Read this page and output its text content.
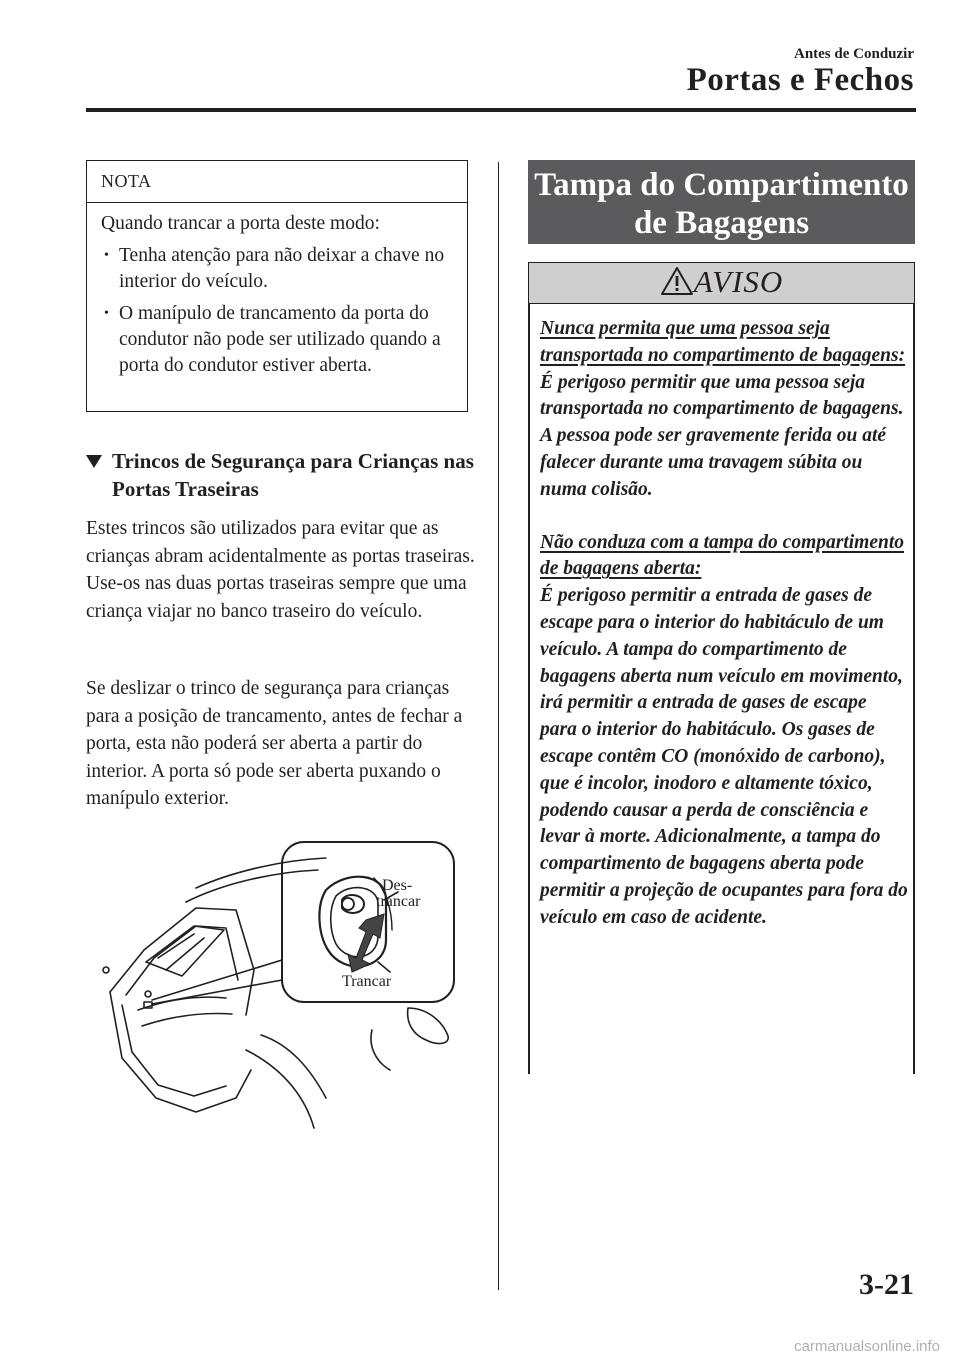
Antes de Conduzir
Portas e Fechos
NOTA
Quando trancar a porta deste modo:
• Tenha atenção para não deixar a chave no interior do veículo.
• O manípulo de trancamento da porta do condutor não pode ser utilizado quando a porta do condutor estiver aberta.
Trincos de Segurança para Crianças nas Portas Traseiras
Estes trincos são utilizados para evitar que as crianças abram acidentalmente as portas traseiras. Use-os nas duas portas traseiras sempre que uma criança viajar no banco traseiro do veículo.
Se deslizar o trinco de segurança para crianças para a posição de trancamento, antes de fechar a porta, esta não poderá ser aberta a partir do interior. A porta só pode ser aberta puxando o manípulo exterior.
Des-
trancar
Trancar
Tampa do Compartimento
de Bagagens
AVISO
Nunca permita que uma pessoa seja transportada no compartimento de bagagens:
É perigoso permitir que uma pessoa seja transportada no compartimento de bagagens. A pessoa pode ser gravemente ferida ou até falecer durante uma travagem súbita ou numa colisão.
Não conduza com a tampa do compartimento de bagagens aberta:
É perigoso permitir a entrada de gases de escape para o interior do habitáculo de um veículo. A tampa do compartimento de bagagens aberta num veículo em movimento, irá permitir a entrada de gases de escape para o interior do habitáculo. Os gases de escape contêm CO (monóxido de carbono), que é incolor, inodoro e altamente tóxico, podendo causar a perda de consciência e levar à morte. Adicionalmente, a tampa do compartimento de bagagens aberta pode permitir a projeção de ocupantes para fora do veículo em caso de acidente.
3-21
carmanualsonline.info
